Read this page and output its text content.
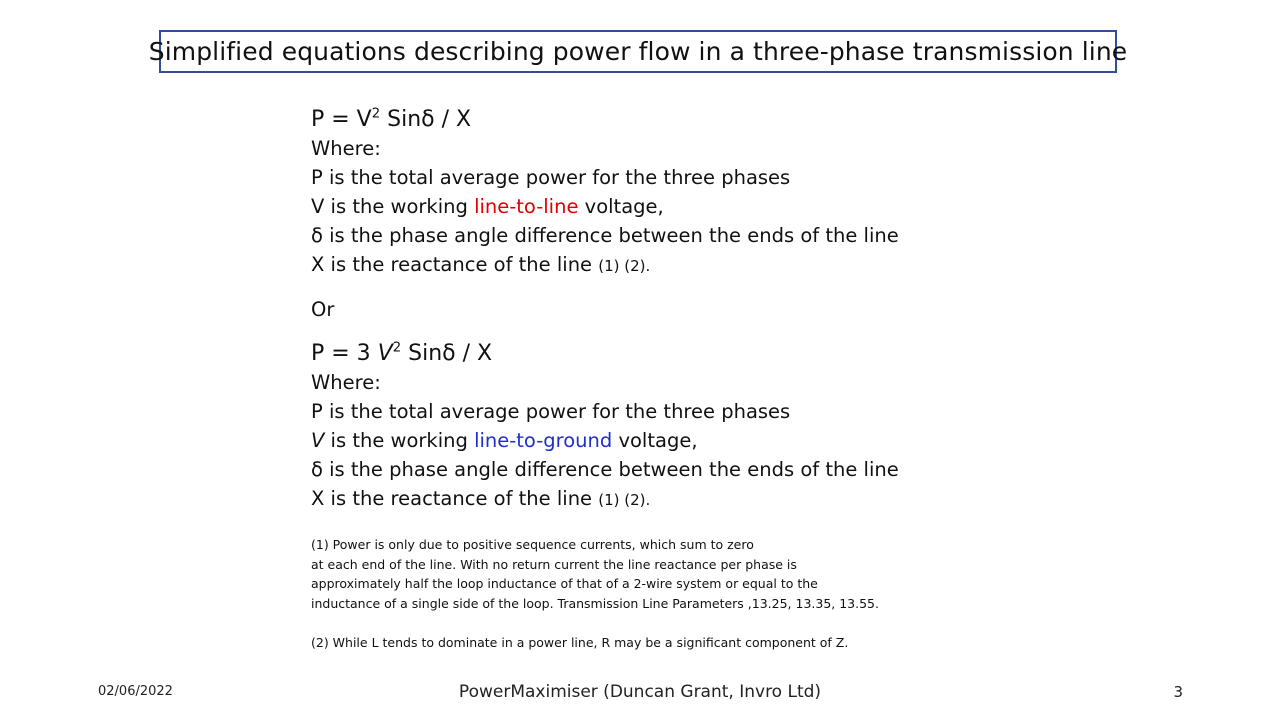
Simplified equations describing power flow in a three-phase transmission line
$P = V^2$ Sinδ / X
Where:
P is the total average power for the three phases
V is the working line-to-line voltage,
δ is the phase angle difference between the ends of the line
X is the reactance of the line (1) (2).
Or
P = 3 $V^2$ Sinδ / X
Where:
P is the total average power for the three phases
V is the working line-to-ground voltage,
δ is the phase angle difference between the ends of the line
X is the reactance of the line (1) (2).

(1) Power is only due to positive sequence currents, which sum to zero

at each end of the line. With no return current the line reactance per phase is

approximately half the loop inductance of that of a 2-wire system or equal to the

inductance of a single side of the loop. Transmission Line Parameters ,13.25, 13.35, 13.55.

(2) While L tends to dominate in a power line, R may be a significant component of Z.

02/06/2022	PowerMaximiser (Duncan Grant, Invro Ltd)	3
